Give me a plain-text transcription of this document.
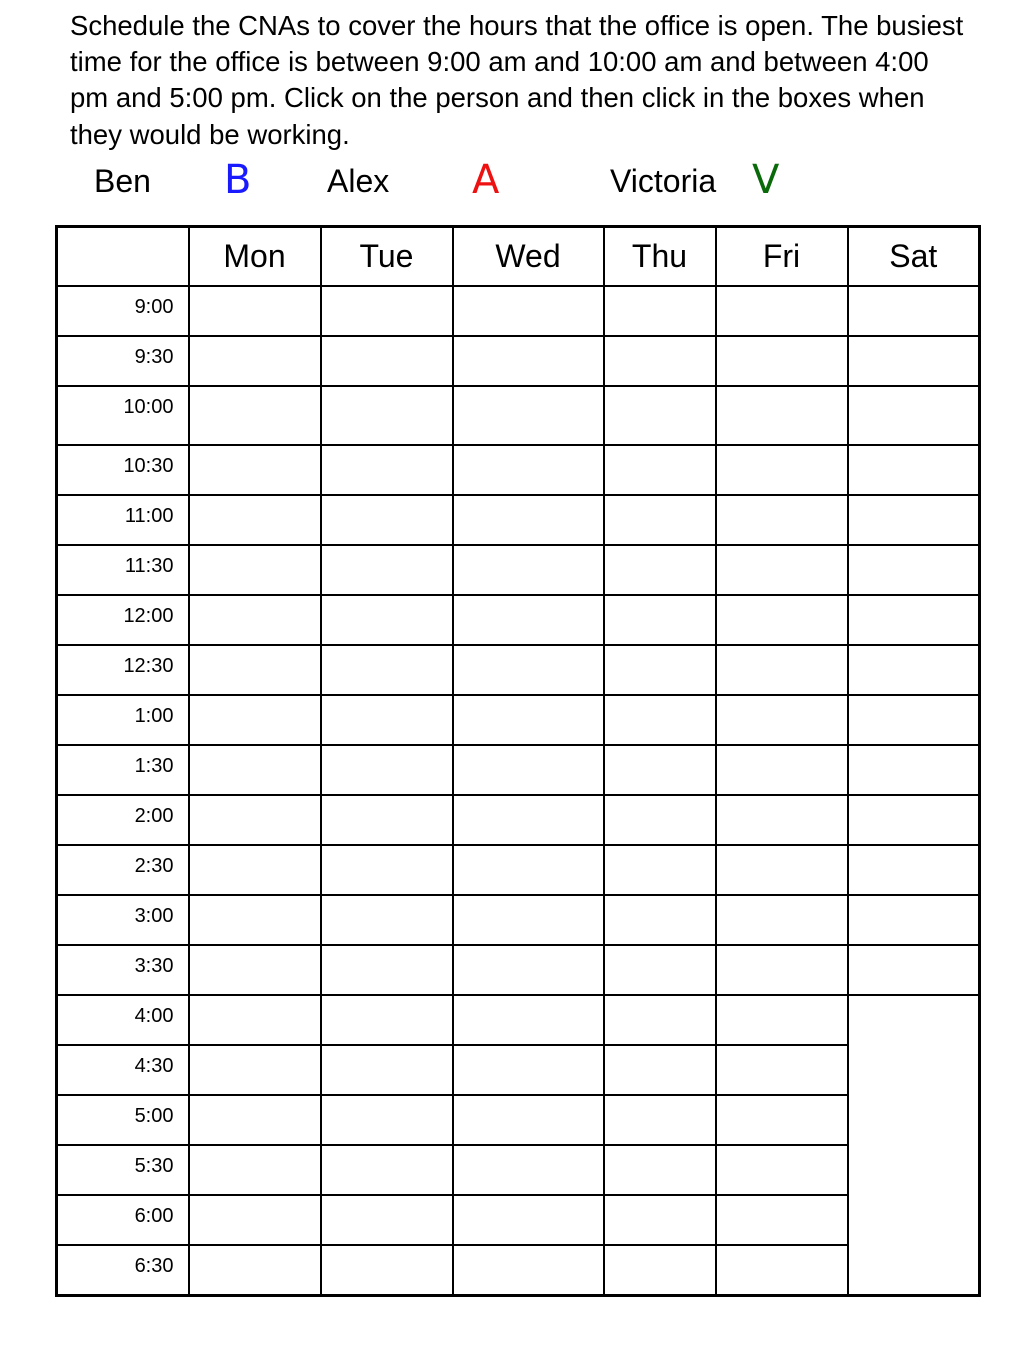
Schedule the CNAs to cover the hours that the office is open. The busiest time for the office is between 9:00 am and 10:00 am and between 4:00 pm and 5:00 pm. Click on the person and then click in the boxes when they would be working.

Ben B Alex A	Victoria V
	Mon	Tue	Wed	Thu	Fri	Sat
9:00						
9:30						
10:00						
10:30						
11:00						
11:30						
12:00						
12:30						
1:00						
1:30						
2:00						
2:30						
3:00						
3:30						
4:00						
4:30						
5:00						
5:30						
6:00						
6:30						
